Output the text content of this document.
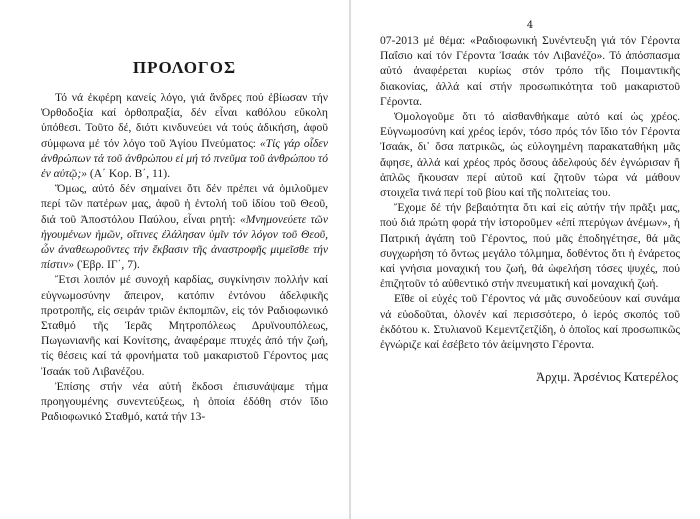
ΠΡΟΛΟΓΟΣ

Τό νά ἐκφέρη κανείς λόγο, γιά ἄνδρες πού ἐβίωσαν τήν Ὀρθοδοξία καί ὀρθοπραξία, δέν εἶναι καθόλου εὔκολη ὑπόθεσι. Τοῦτο δέ, διότι κινδυνεύει νά τούς ἀδικήση, ἀφοῦ σύμφωνα μέ τόν λόγο τοῦ Ἁγίου Πνεύματος: «Τίς γάρ οἶδεν ἀνθρώπων τά τοῦ ἀνθρώπου εἰ μή τό πνεῦμα τοῦ ἀνθρώπου τό ἐν αὐτῷ;» (Α΄ Κορ. Β΄, 11).

Ὅμως, αὐτό δέν σημαίνει ὅτι δέν πρέπει νά ὁμιλοῦμεν περί τῶν πατέρων μας, ἀφοῦ ἡ ἐντολή τοῦ ἰδίου τοῦ Θεοῦ, διά τοῦ Ἀποστόλου Παύλου, εἶναι ρητή: «Μνημονεύετε τῶν ἡγουμένων ἡμῶν, οἵτινες ἐλάλησαν ὑμῖν τόν λόγον τοῦ Θεοῦ, ὧν ἀναθεωροῦντες τήν ἔκβασιν τῆς ἀναστροφῆς μιμεῖσθε τήν πίστιν» (Ἑβρ. ΙΓ΄, 7).

Ἔτσι λοιπόν μέ συνοχή καρδίας, συγκίνησιν πολλήν καί εὐγνωμοσύνην ἄπειρον, κατόπιν ἐντόνου ἀδελφικῆς προτροπῆς, εἰς σειράν τριῶν ἐκπομπῶν, εἰς τόν Ραδιοφωνικό Σταθμό τῆς Ἱερᾶς Μητροπόλεως Δρυϊνουπόλεως, Πωγωνιανῆς καί Κονίτσης, ἀναφέραμε πτυχές ἀπό τήν ζωή, τίς θέσεις καί τά φρονήματα τοῦ μακαριστοῦ Γέροντος μας Ἰσαάκ τοῦ Λιβανέζου.

Ἐπίσης στήν νέα αὐτή ἔκδοσι ἐπισυνάψαμε τήμα προηγουμένης συνεντεύξεως, ἡ ὁποία ἐδόθη στόν ἴδιο Ραδιοφωνικό Σταθμό, κατά τήν 13-

4

07-2013 μέ θέμα: «Ραδιοφωνική Συνέντευξη γιά τόν Γέροντα Παΐσιο καί τόν Γέροντα Ἰσαάκ τόν Λιβανέζο». Τό ἀπόσπασμα αὐτό ἀναφέρεται κυρίως στόν τρόπο τῆς Ποιμαντικῆς διακονίας, ἀλλά καί στήν προσωπικότητα τοῦ μακαριστοῦ Γέροντα.

Ὁμολογοῦμε ὅτι τό αἰσθανθήκαμε αὐτό καί ὡς χρέος. Εὐγνωμοσύνη καί χρέος ἱερόν, τόσο πρός τόν ἴδιο τόν Γέροντα Ἰσαάκ, δι᾽ ὅσα πατρικῶς, ὡς εὐλογημένη παρακαταθήκη μᾶς ἄφησε, ἀλλά καί χρέος πρός ὅσους ἀδελφούς δέν ἐγνώρισαν ἤ ἁπλῶς ἤκουσαν περί αὐτοῦ καί ζητοῦν τώρα νά μάθουν στοιχεῖα τινά περί τοῦ βίου καί τῆς πολιτείας του.

Ἔχομε δέ τήν βεβαιότητα ὅτι καί εἰς αὐτήν τήν πρᾶξι μας, πού διά πρώτη φορά τήν ἱστοροῦμεν «ἐπί πτερύγων ἀνέμων», ἡ Πατρική ἀγάπη τοῦ Γέροντος, πού μᾶς ἐποδηγέτησε, θά μᾶς συγχωρήση τό ὄντως μεγάλο τόλμημα, δοθέντος ὅτι ἡ ἐνάρετος καί γνήσια μοναχική του ζωή, θά ὠφελήση τόσες ψυχές, πού ἐπιζητοῦν τό αὐθεντικό στήν πνευματική καί μοναχική ζωή.

Εἴθε οἱ εὐχές τοῦ Γέροντος νά μᾶς συνοδεύουν καί συνάμα νά εὐοδοῦται, ὁλονέν καί περισσότερο, ὁ ἱερός σκοπός τοῦ ἐκδότου κ. Στυλιανοῦ Κεμεντζετζίδη, ὁ ὁποῖος καί προσωπικῶς ἐγνώριζε καί ἐσέβετο τόν ἀείμνηστο Γέροντα.

Ἀρχιμ. Ἀρσένιος Κατερέλος
